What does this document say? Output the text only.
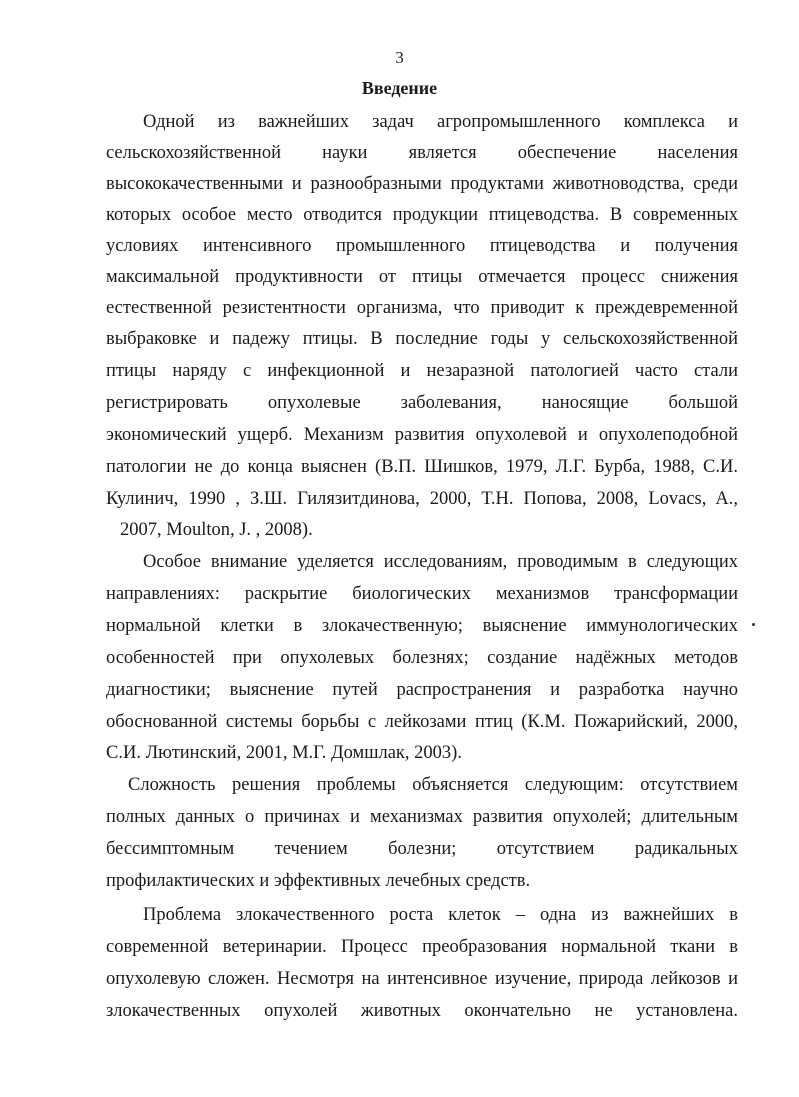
3
Введение
Одной из важнейших задач агропромышленного комплекса и
сельскохозяйственной науки является обеспечение населения
высококачественными и разнообразными продуктами животноводства, среди
которых особое место отводится продукции птицеводства. В современных
условиях интенсивного промышленного птицеводства и получения
максимальной продуктивности от птицы отмечается процесс снижения
естественной резистентности организма, что приводит к преждевременной
выбраковке и падежу птицы. В последние годы у сельскохозяйственной
птицы наряду с инфекционной и незаразной патологией часто стали
регистрировать опухолевые заболевания, наносящие большой
экономический ущерб. Механизм развития опухолевой и опухолеподобной
патологии не до конца выяснен (В.П. Шишков, 1979, Л.Г. Бурба, 1988, С.И.
Кулинич, 1990 , З.Ш. Гилязитдинова, 2000, Т.Н. Попова, 2008, Lovacs, A.,
2007, Moulton, J. , 2008).
Особое внимание уделяется исследованиям, проводимым в следующих
направлениях: раскрытие биологических механизмов трансформации
нормальной клетки в злокачественную; выяснение иммунологических
особенностей при опухолевых болезнях; создание надёжных методов
диагностики; выяснение путей распространения и разработка научно
обоснованной системы борьбы с лейкозами птиц (К.М. Пожарийский, 2000,
С.И. Лютинский, 2001, М.Г. Домшлак, 2003).
Сложность решения проблемы объясняется следующим: отсутствием
полных данных о причинах и механизмах развития опухолей; длительным
бессимптомным течением болезни; отсутствием радикальных
профилактических и эффективных лечебных средств.
Проблема злокачественного роста клеток – одна из важнейших в
современной ветеринарии. Процесс преобразования нормальной ткани в
опухолевую сложен. Несмотря на интенсивное изучение, природа лейкозов и
злокачественных опухолей животных окончательно не установлена.
